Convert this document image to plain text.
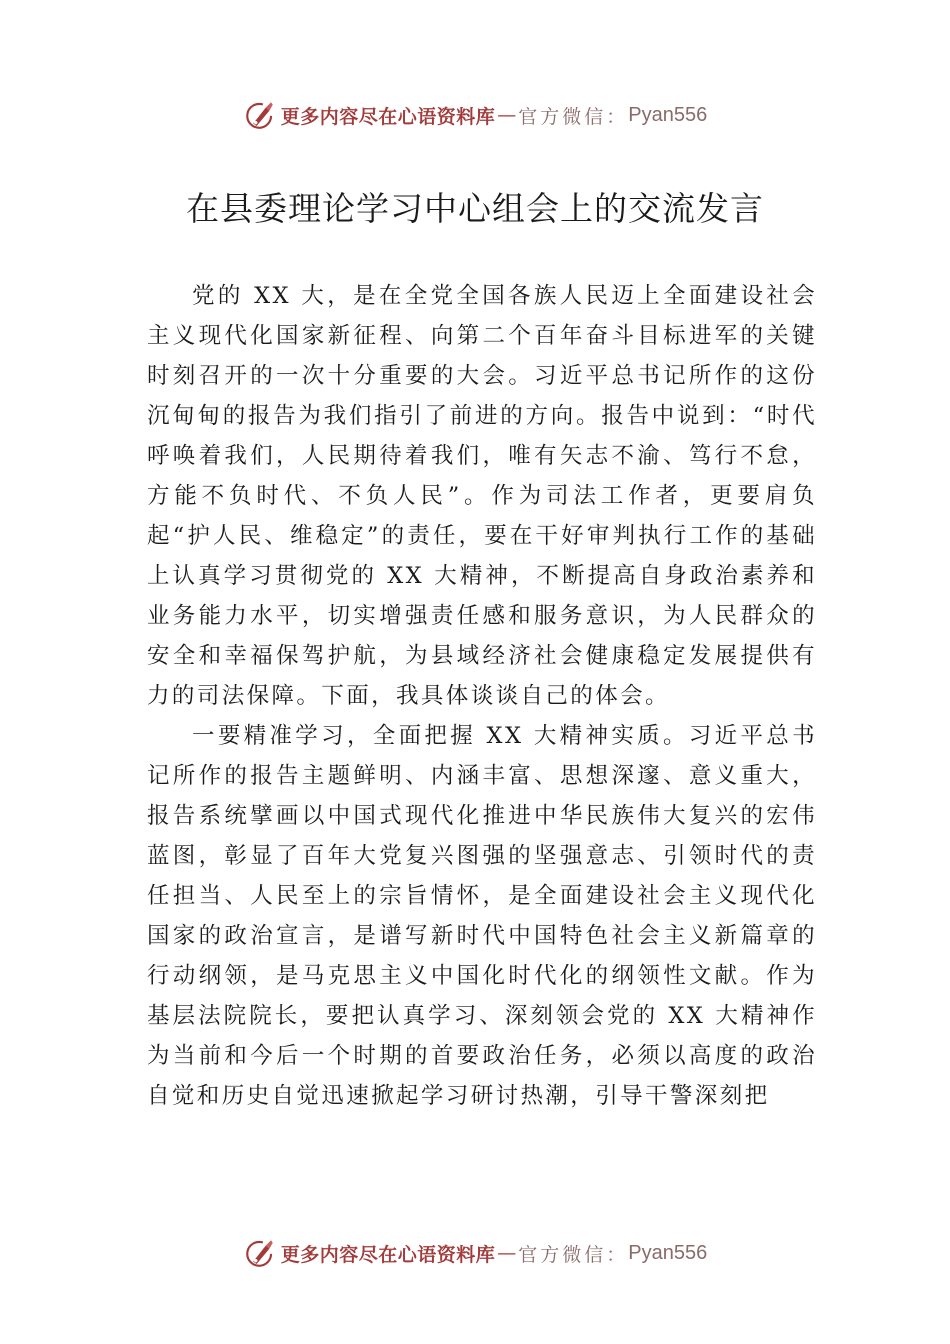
更多内容尽在心语资料库 — 官方微信： Pyan556
在县委理论学习中心组会上的交流发言

党的 XX 大，是在全党全国各族人民迈上全面建设社会主义现代化国家新征程、向第二个百年奋斗目标进军的关键时刻召开的一次十分重要的大会。习近平总书记所作的这份沉甸甸的报告为我们指引了前进的方向。报告中说到：“时代呼唤着我们，人民期待着我们，唯有矢志不渝、笃行不怠， 方能不负时代、不负人民”。作为司法工作者，更要肩负起“护人民、维稳定”的责任，要在干好审判执行工作的基础上认真学习贯彻党的 XX 大精神，不断提高自身政治素养和业务能力水平，切实增强责任感和服务意识，为人民群众的安全和幸福保驾护航，为县域经济社会健康稳定发展提供有力的司法保障。下面，我具体谈谈自己的体会。

一要精准学习，全面把握 XX 大精神实质。习近平总书记所作的报告主题鲜明、内涵丰富、思想深邃、意义重大， 报告系统擘画以中国式现代化推进中华民族伟大复兴的宏伟蓝图，彰显了百年大党复兴图强的坚强意志、引领时代的责任担当、人民至上的宗旨情怀，是全面建设社会主义现代化国家的政治宣言，是谱写新时代中国特色社会主义新篇章的行动纲领，是马克思主义中国化时代化的纲领性文献。作为基层法院院长，要把认真学习、深刻领会党的 XX 大精神作为当前和今后一个时期的首要政治任务，必须以高度的政治自觉和历史自觉迅速掀起学习研讨热潮，引导干警深刻把

更多内容尽在心语资料库 — 官方微信： Pyan556
